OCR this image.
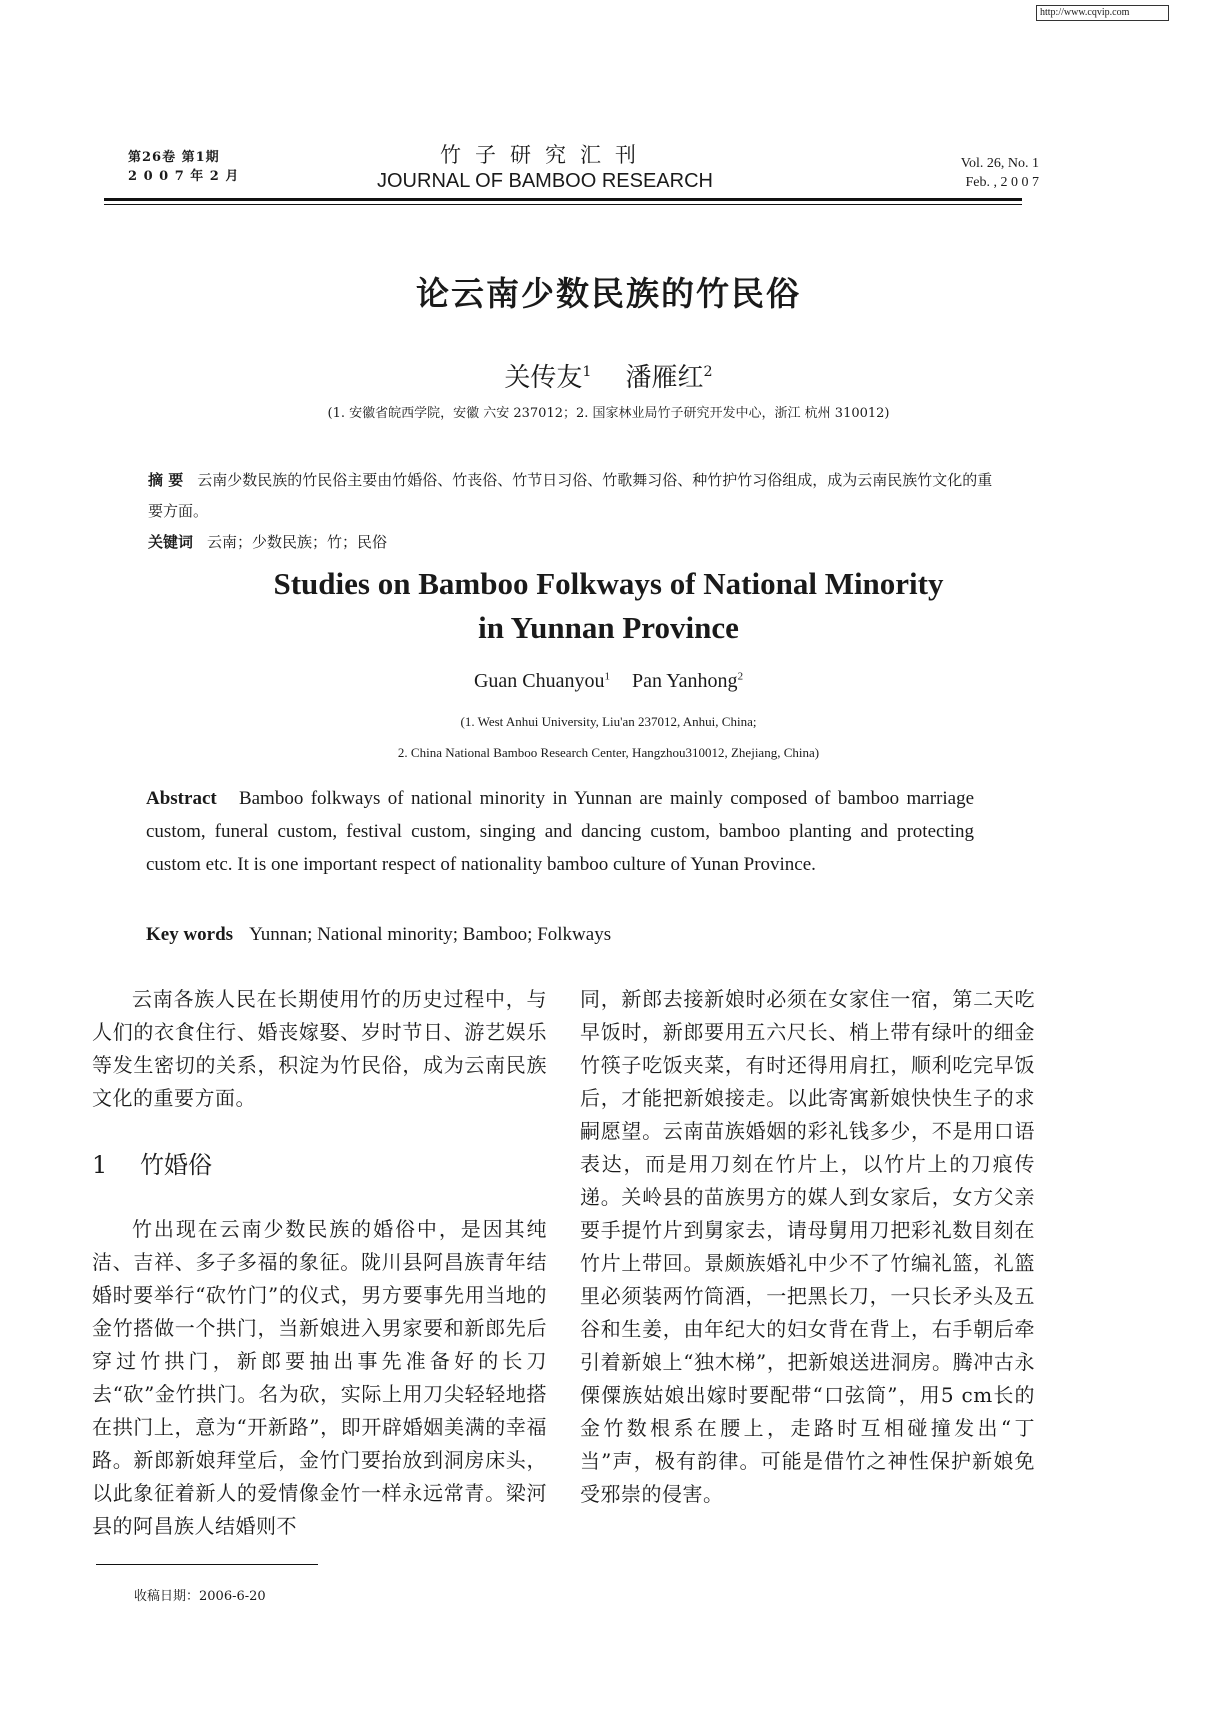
http://www.cqvip.com
第26卷 第1期
2 0 0 7 年 2 月
竹子研究汇刊
JOURNAL OF BAMBOO RESEARCH
Vol. 26, No. 1
Feb. , 2 0 0 7
论云南少数民族的竹民俗
关传友$^1$ 潘雁红$^2$
(1. 安徽省皖西学院，安徽 六安 237012；2. 国家林业局竹子研究开发中心，浙江 杭州 310012)
摘 要 云南少数民族的竹民俗主要由竹婚俗、竹丧俗、竹节日习俗、竹歌舞习俗、种竹护竹习俗组成，成为云南民族竹文化的重要方面。
关键词 云南；少数民族；竹；民俗
Studies on Bamboo Folkways of National Minority
in Yunnan Province
Guan Chuanyou$^1$ Pan Yanhong$^2$
(1. West Anhui University, Liu'an 237012, Anhui, China;
2. China National Bamboo Research Center, Hangzhou310012, Zhejiang, China)
Abstract Bamboo folkways of national minority in Yunnan are mainly composed of bamboo marriage custom, funeral custom, festival custom, singing and dancing custom, bamboo planting and protecting custom etc. It is one important respect of nationality bamboo culture of Yunan Province.
Key words Yunnan; National minority; Bamboo; Folkways

云南各族人民在长期使用竹的历史过程中，与人们的衣食住行、婚丧嫁娶、岁时节日、游艺娱乐等发生密切的关系，积淀为竹民俗，成为云南民族文化的重要方面。

1 竹婚俗

竹出现在云南少数民族的婚俗中，是因其纯洁、吉祥、多子多福的象征。陇川县阿昌族青年结婚时要举行“砍竹门”的仪式，男方要事先用当地的金竹搭做一个拱门，当新娘进入男家要和新郎先后穿过竹拱门，新郎要抽出事先准备好的长刀去“砍”金竹拱门。名为砍，实际上用刀尖轻轻地搭在拱门上，意为“开新路”，即开辟婚姻美满的幸福路。新郎新娘拜堂后，金竹门要抬放到洞房床头，以此象征着新人的爱情像金竹一样永远常青。梁河县的阿昌族人结婚则不

同，新郎去接新娘时必须在女家住一宿，第二天吃早饭时，新郎要用五六尺长、梢上带有绿叶的细金竹筷子吃饭夹菜，有时还得用肩扛，顺利吃完早饭后，才能把新娘接走。以此寄寓新娘快快生子的求嗣愿望。云南苗族婚姻的彩礼钱多少，不是用口语表达，而是用刀刻在竹片上，以竹片上的刀痕传递。关岭县的苗族男方的媒人到女家后，女方父亲要手提竹片到舅家去，请母舅用刀把彩礼数目刻在竹片上带回。景颇族婚礼中少不了竹编礼篮，礼篮里必须装两竹筒酒，一把黑长刀，一只长矛头及五谷和生姜，由年纪大的妇女背在背上，右手朝后牵引着新娘上“独木梯”，把新娘送进洞房。腾冲古永傈僳族姑娘出嫁时要配带“口弦筒”，用5 cm长的金竹数根系在腰上，走路时互相碰撞发出“丁当”声，极有韵律。可能是借竹之神性保护新娘免受邪崇的侵害。

收稿日期：2006-6-20
